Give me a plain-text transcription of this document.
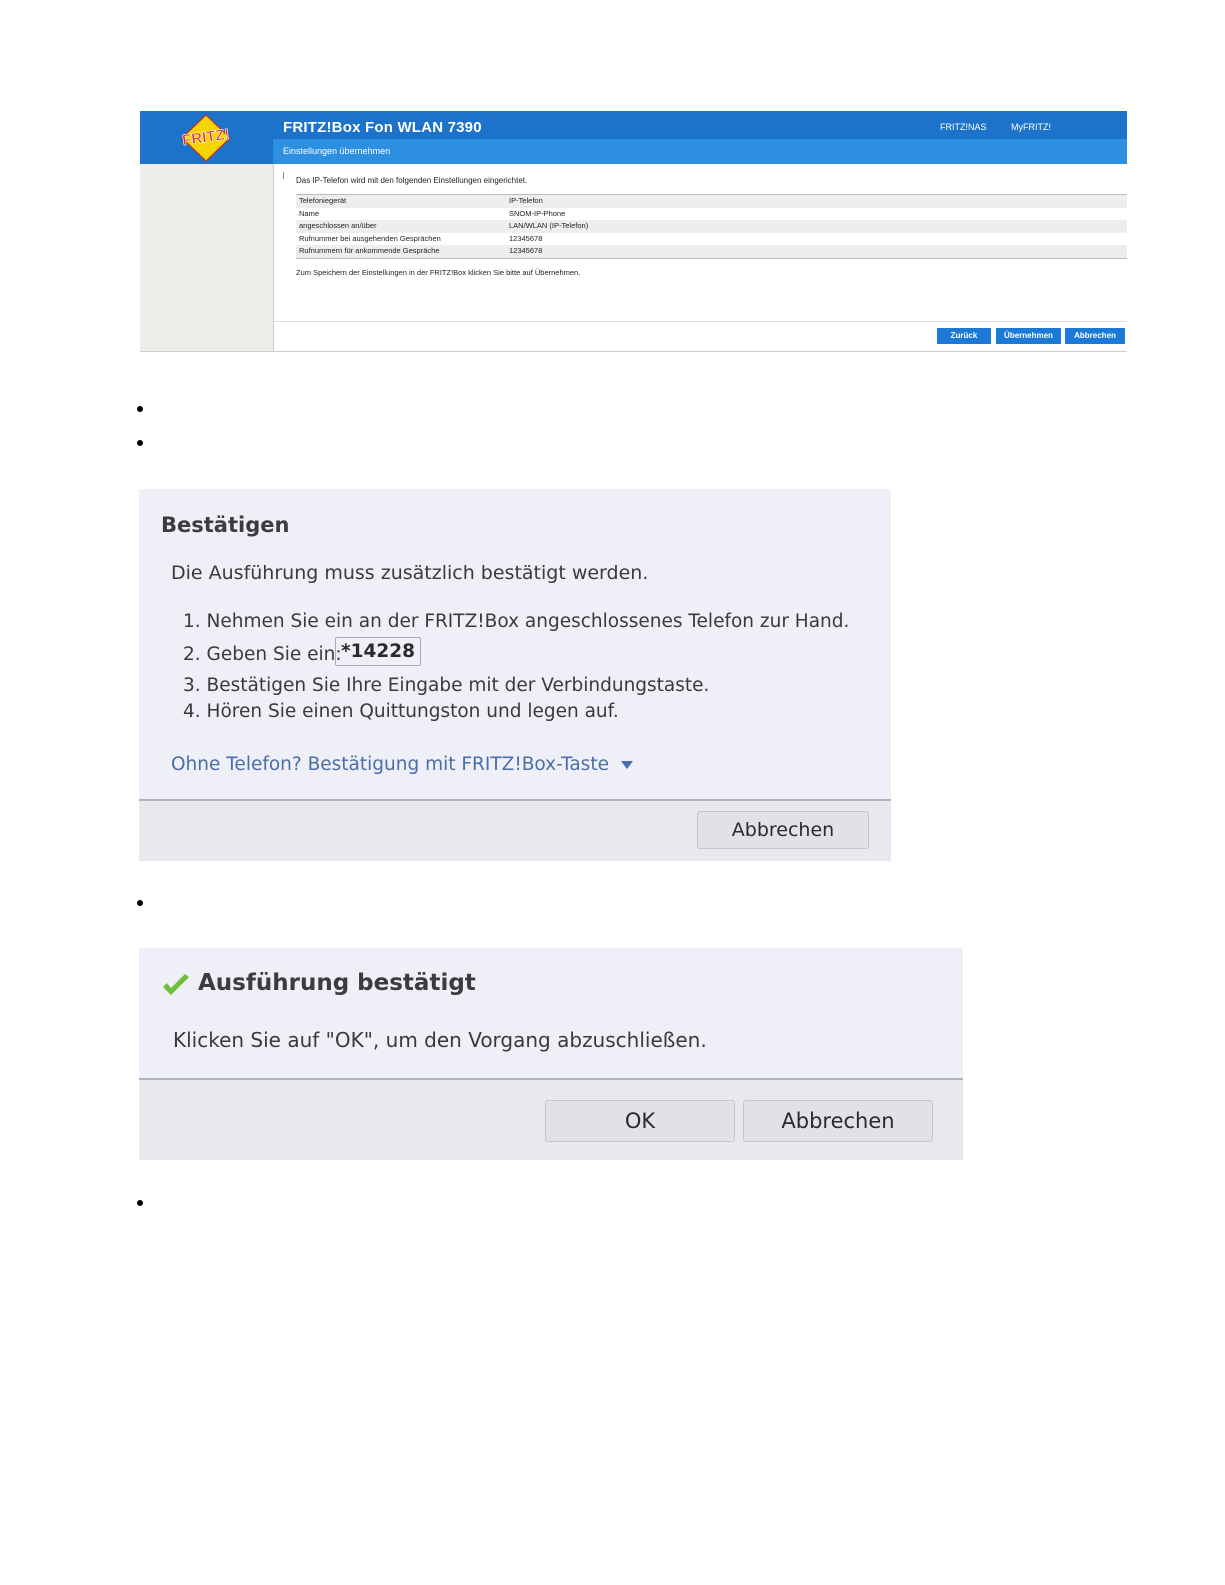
FRITZ!	FRITZ!Box Fon WLAN 7390	FRITZ!NAS	MyFRITZ!
Einstellungen übernehmen
Das IP-Telefon wird mit den folgenden Einstellungen eingerichtet.
Telefoniegerät	IP-Telefon
Name	SNOM-IP-Phone
angeschlossen an/über	LAN/WLAN (IP-Telefon)
Rufnummer bei ausgehenden Gesprächen	12345678
Rufnummern für ankommende Gespräche	12345678
Zum Speichern der Einstellungen in der FRITZ!Box klicken Sie bitte auf Übernehmen.
Zurück	Übernehmen	Abbrechen
Bestätigen
Die Ausführung muss zusätzlich bestätigt werden.
1. Nehmen Sie ein an der FRITZ!Box angeschlossenes Telefon zur Hand.
2. Geben Sie ein: *14228
3. Bestätigen Sie Ihre Eingabe mit der Verbindungstaste.
4. Hören Sie einen Quittungston und legen auf.
Ohne Telefon? Bestätigung mit FRITZ!Box-Taste
Abbrechen
Ausführung bestätigt
Klicken Sie auf "OK", um den Vorgang abzuschließen.
OK	Abbrechen
